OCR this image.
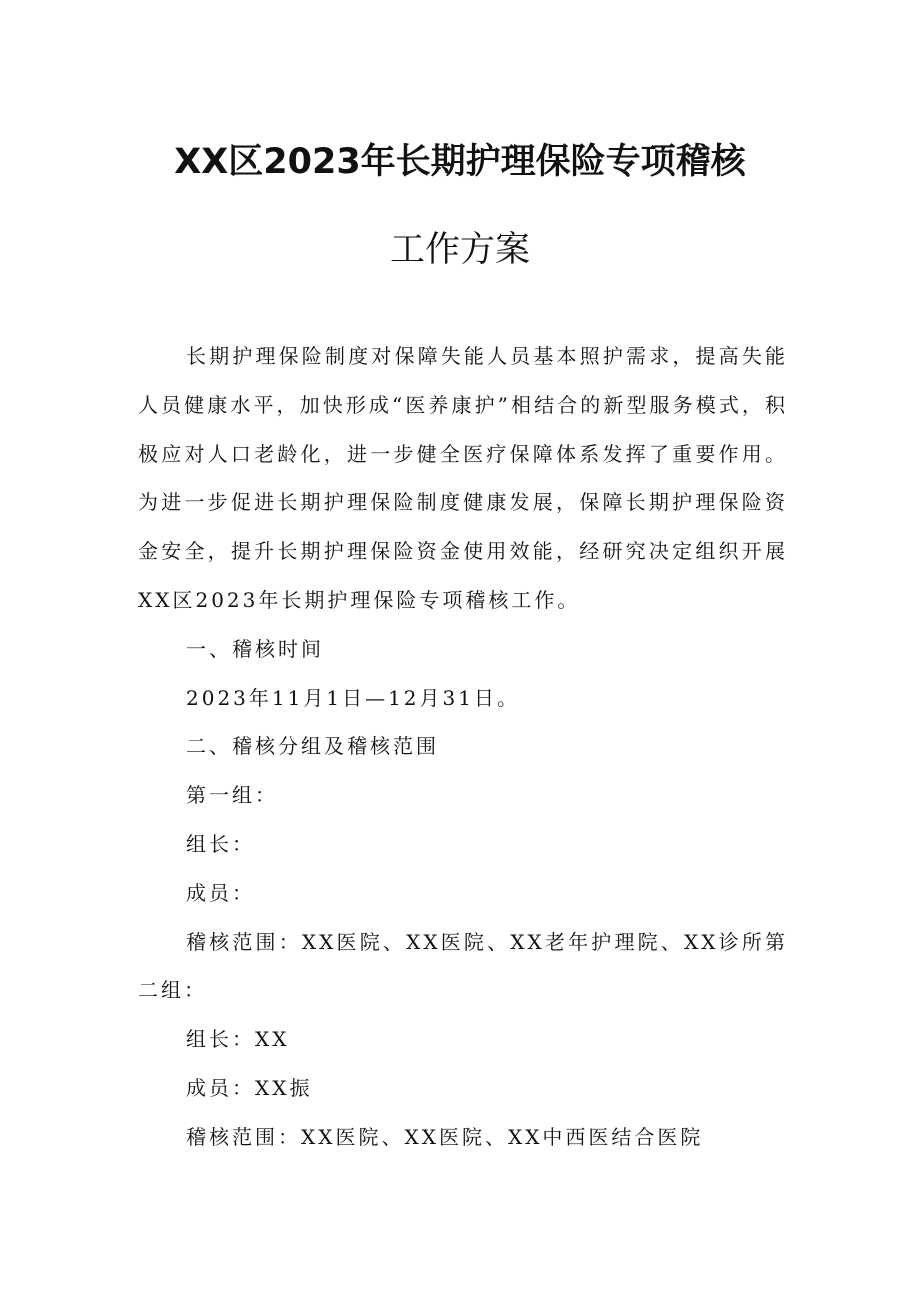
XX区2023年长期护理保险专项稽核
工作方案

长期护理保险制度对保障失能人员基本照护需求，提高失能人员健康水平，加快形成“医养康护”相结合的新型服务模式，积极应对人口老龄化，进一步健全医疗保障体系发挥了重要作用。为进一步促进长期护理保险制度健康发展，保障长期护理保险资金安全，提升长期护理保险资金使用效能，经研究决定组织开展XX区2023年长期护理保险专项稽核工作。

一、稽核时间

2023年11月1日—12月31日。

二、稽核分组及稽核范围

第一组：

组长：

成员：

稽核范围：XX医院、XX医院、XX老年护理院、XX诊所第二组：

组长：XX

成员：XX振

稽核范围：XX医院、XX医院、XX中西医结合医院
